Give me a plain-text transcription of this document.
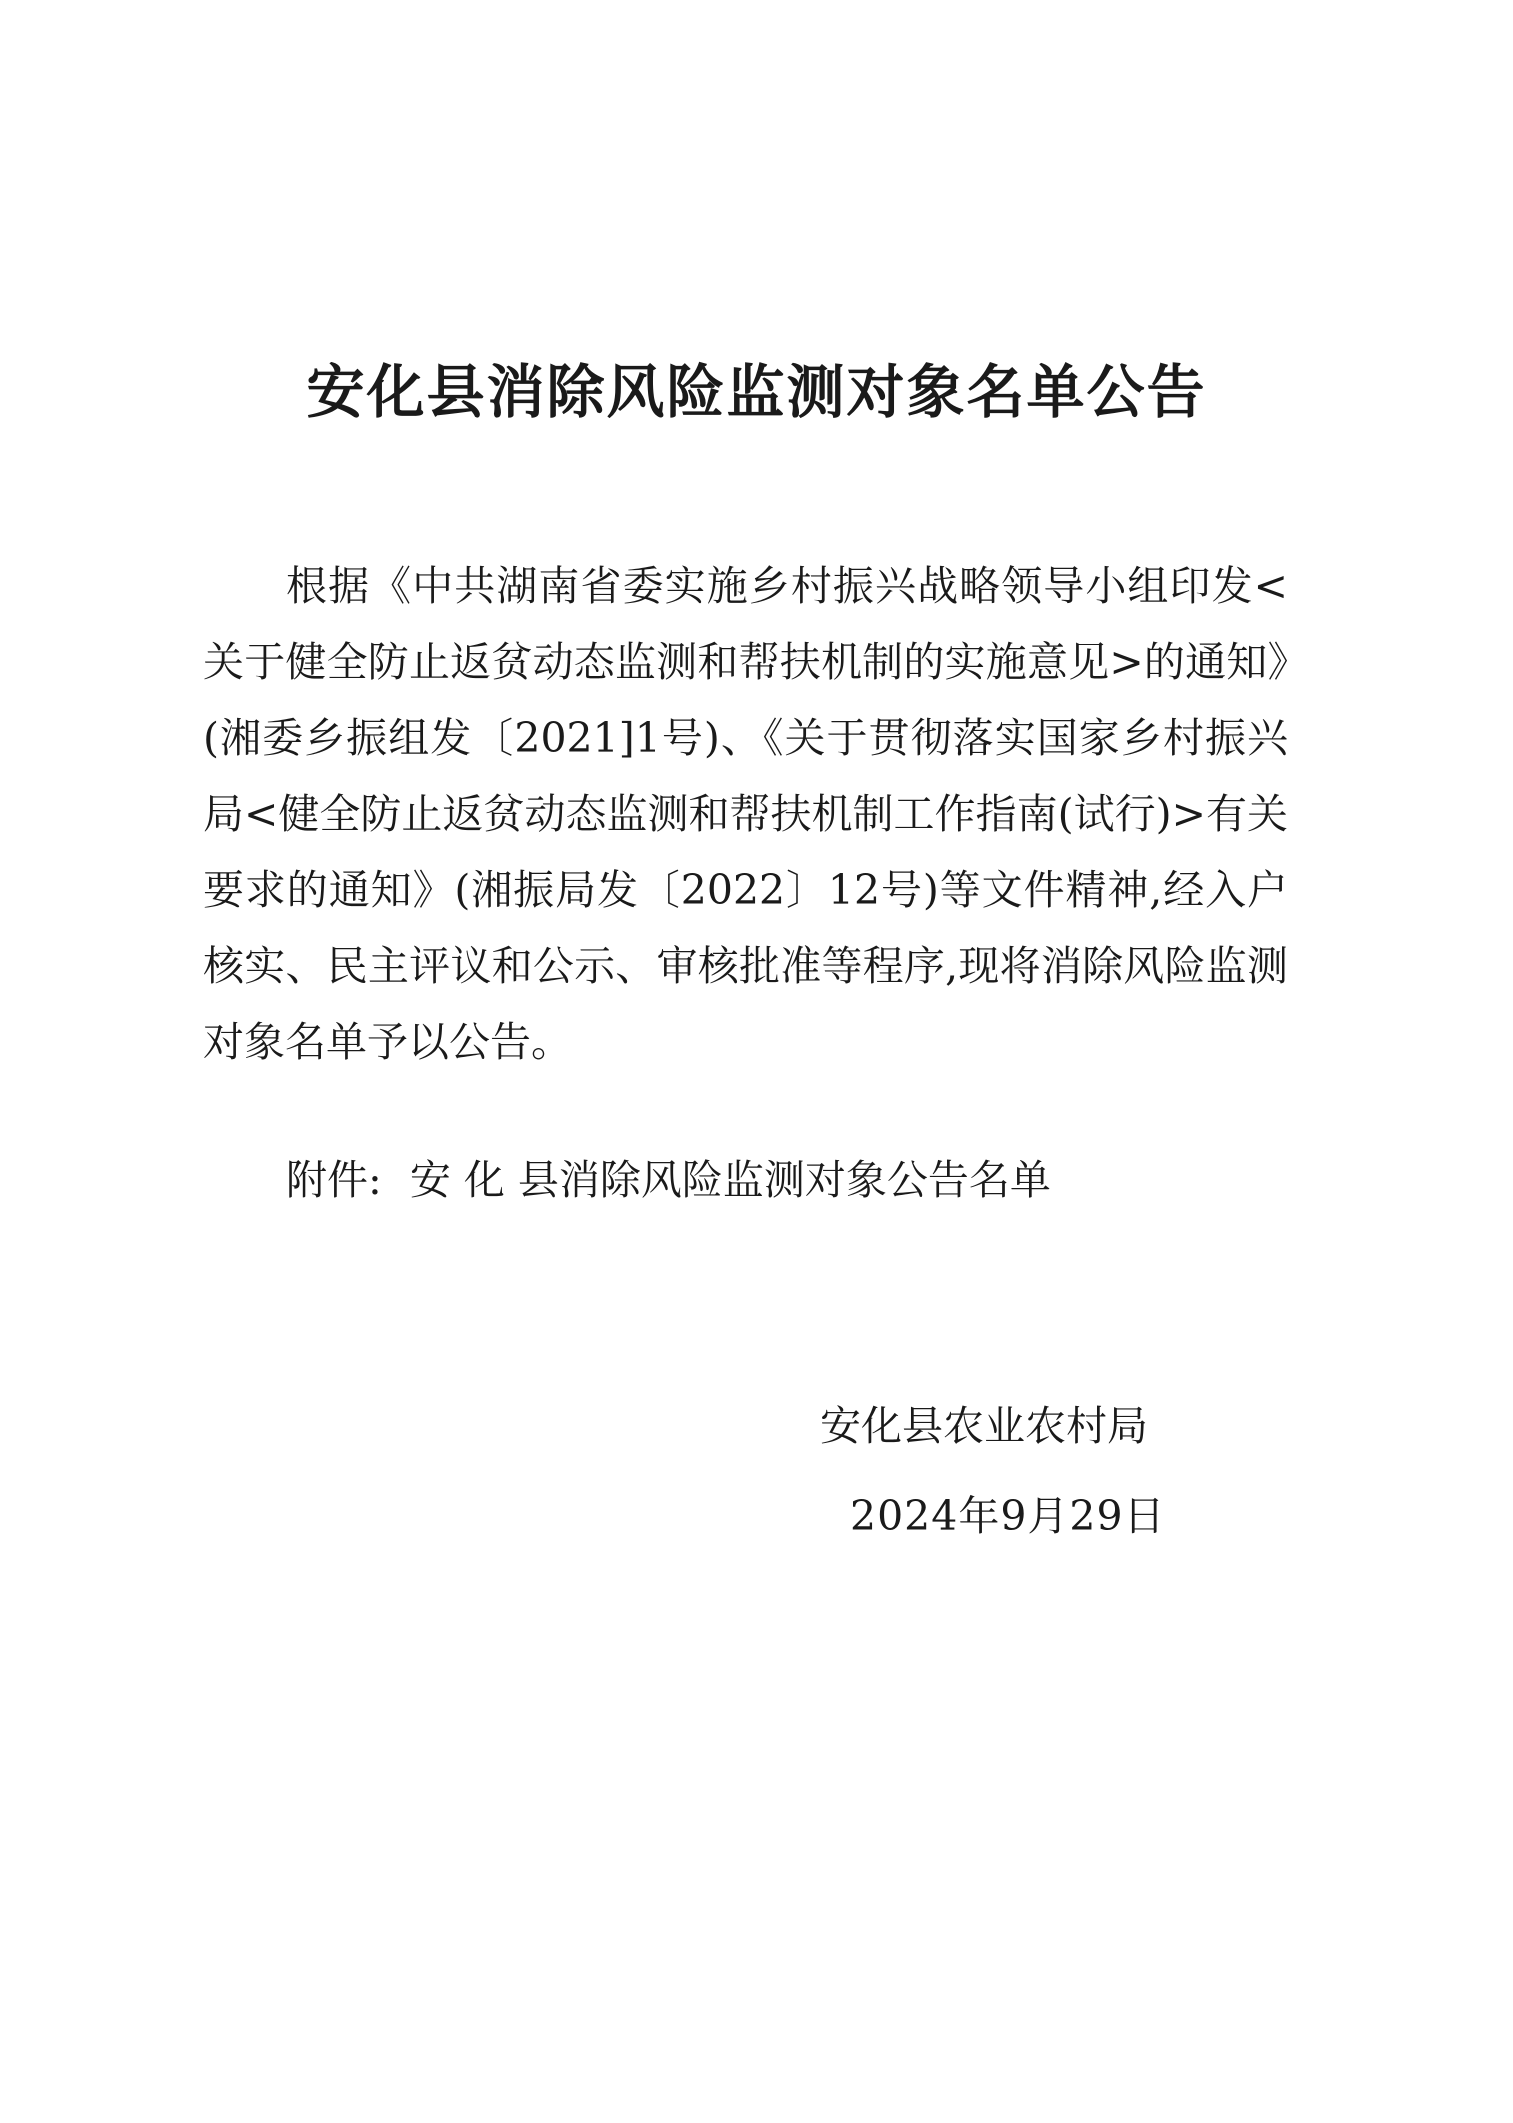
安化县消除风险监测对象名单公告

根据《中共湖南省委实施乡村振兴战略领导小组印发<关于健全防止返贫动态监测和帮扶机制的实施意见>的通知》(湘委乡振组发〔2021]1号)、《关于贯彻落实国家乡村振兴局<健全防止返贫动态监测和帮扶机制工作指南(试行)>有关要求的通知》(湘振局发〔2022〕12号)等文件精神,经入户核实、民主评议和公示、审核批准等程序,现将消除风险监测对象名单予以公告。

附件: 安 化 县消除风险监测对象公告名单
安化县农业农村局
2024年9月29日
